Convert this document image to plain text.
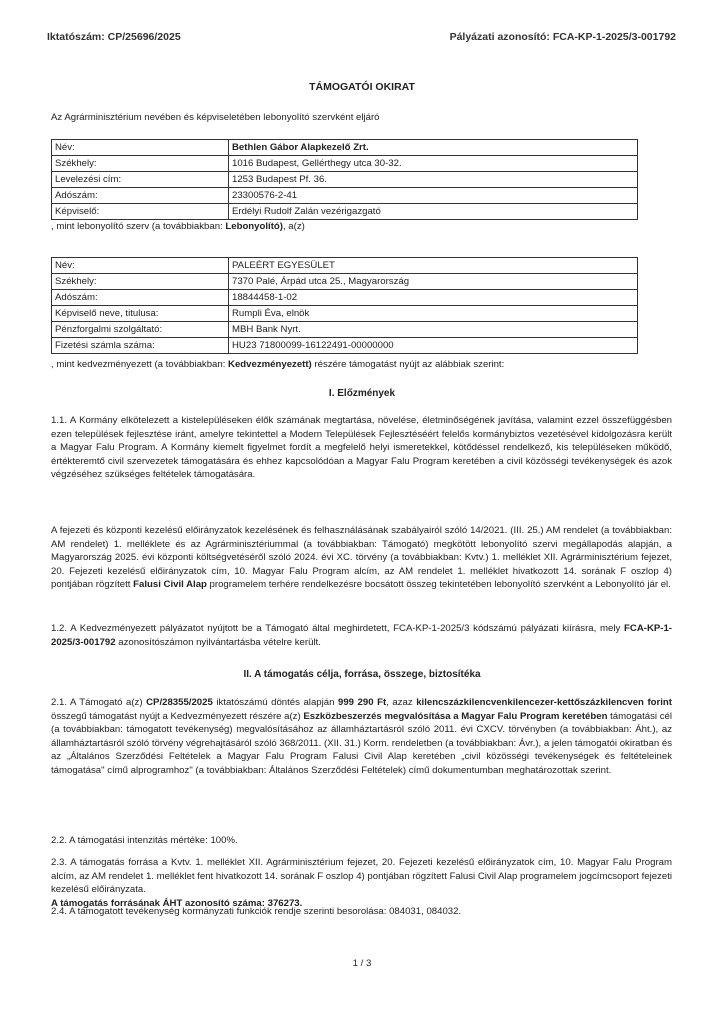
Iktatószám: CP/25696/2025	Pályázati azonosító: FCA-KP-1-2025/3-001792
TÁMOGATÓI OKIRAT
Az Agrárminisztérium nevében és képviseletében lebonyolító szervként eljáró
Név:	Bethlen Gábor Alapkezelő Zrt.
Székhely:	1016 Budapest, Gellérthegy utca 30-32.
Levelezési cím:	1253 Budapest Pf. 36.
Adószám:	23300576-2-41
Képviselő:	Erdélyi Rudolf Zalán vezérigazgató
, mint lebonyolító szerv (a továbbiakban: Lebonyolító), a(z)
Név:	PALEÉRT EGYESÜLET
Székhely:	7370 Palé, Árpád utca 25., Magyarország
Adószám:	18844458-1-02
Képviselő neve, titulusa:	Rumpli Éva, elnök
Pénzforgalmi szolgáltató:	MBH Bank Nyrt.
Fizetési számla száma:	HU23 71800099-16122491-00000000
, mint kedvezményezett (a továbbiakban: Kedvezményezett) részére támogatást nyújt az alábbiak szerint:
I. Előzmények
1.1. A Kormány elkötelezett a kistelepüléseken élők számának megtartása, növelése, életminőségének javítása, valamint ezzel összefüggésben ezen települések fejlesztése iránt, amelyre tekintettel a Modern Települések Fejlesztéséért felelős kormánybiztos vezetésével kidolgozásra került a Magyar Falu Program. A Kormány kiemelt figyelmet fordít a megfelelő helyi ismeretekkel, kötődéssel rendelkező, kis településeken működő, értékteremtő civil szervezetek támogatására és ehhez kapcsolódóan a Magyar Falu Program keretében a civil közösségi tevékenységek és azok végzéséhez szükséges feltételek támogatására.
A fejezeti és központi kezelésű előirányzatok kezelésének és felhasználásának szabályairól szóló 14/2021. (III. 25.) AM rendelet (a továbbiakban: AM rendelet) 1. melléklete és az Agrárminisztériummal (a továbbiakban: Támogató) megkötött lebonyolító szervi megállapodás alapján, a Magyarország 2025. évi központi költségvetéséről szóló 2024. évi XC. törvény (a továbbiakban: Kvtv.) 1. melléklet XII. Agrárminisztérium fejezet, 20. Fejezeti kezelésű előirányzatok cím, 10. Magyar Falu Program alcím, az AM rendelet 1. melléklet hivatkozott 14. sorának F oszlop 4) pontjában rögzített Falusi Civil Alap programelem terhére rendelkezésre bocsátott összeg tekintetében lebonyolító szervként a Lebonyolító jár el.
1.2. A Kedvezményezett pályázatot nyújtott be a Támogató által meghirdetett, FCA-KP-1-2025/3 kódszámú pályázati kiírásra, mely FCA-KP-1-2025/3-001792 azonosítószámon nyilvántartásba vételre került.
II. A támogatás célja, forrása, összege, biztosítéka
2.1. A Támogató a(z) CP/28355/2025 iktatószámú döntés alapján 999 290 Ft, azaz kilencszázkilencvenkilencezer-kettőszázkilencven forint összegű támogatást nyújt a Kedvezményezett részére a(z) Eszközbeszerzés megvalósítása a Magyar Falu Program keretében támogatási cél (a továbbiakban: támogatott tevékenység) megvalósításához az államháztartásról szóló 2011. évi CXCV. törvényben (a továbbiakban: Áht.), az államháztartásról szóló törvény végrehajtásáról szóló 368/2011. (XII. 31.) Korm. rendeletben (a továbbiakban: Ávr.), a jelen támogatói okiratban és az „Általános Szerződési Feltételek a Magyar Falu Program Falusi Civil Alap keretében „civil közösségi tevékenységek és feltételeinek támogatása" című alprogramhoz" (a továbbiakban: Általános Szerződési Feltételek) című dokumentumban meghatározottak szerint.
2.2. A támogatási intenzitás mértéke: 100%.
2.3. A támogatás forrása a Kvtv. 1. melléklet XII. Agrárminisztérium fejezet, 20. Fejezeti kezelésű előirányzatok cím, 10. Magyar Falu Program alcím, az AM rendelet 1. melléklet fent hivatkozott 14. sorának F oszlop 4) pontjában rögzített Falusi Civil Alap programelem jogcímcsoport fejezeti kezelésű előirányzata.
A támogatás forrásának ÁHT azonosító száma: 376273.
2.4. A támogatott tevékenység kormányzati funkciók rendje szerinti besorolása: 084031, 084032.
1 / 3
